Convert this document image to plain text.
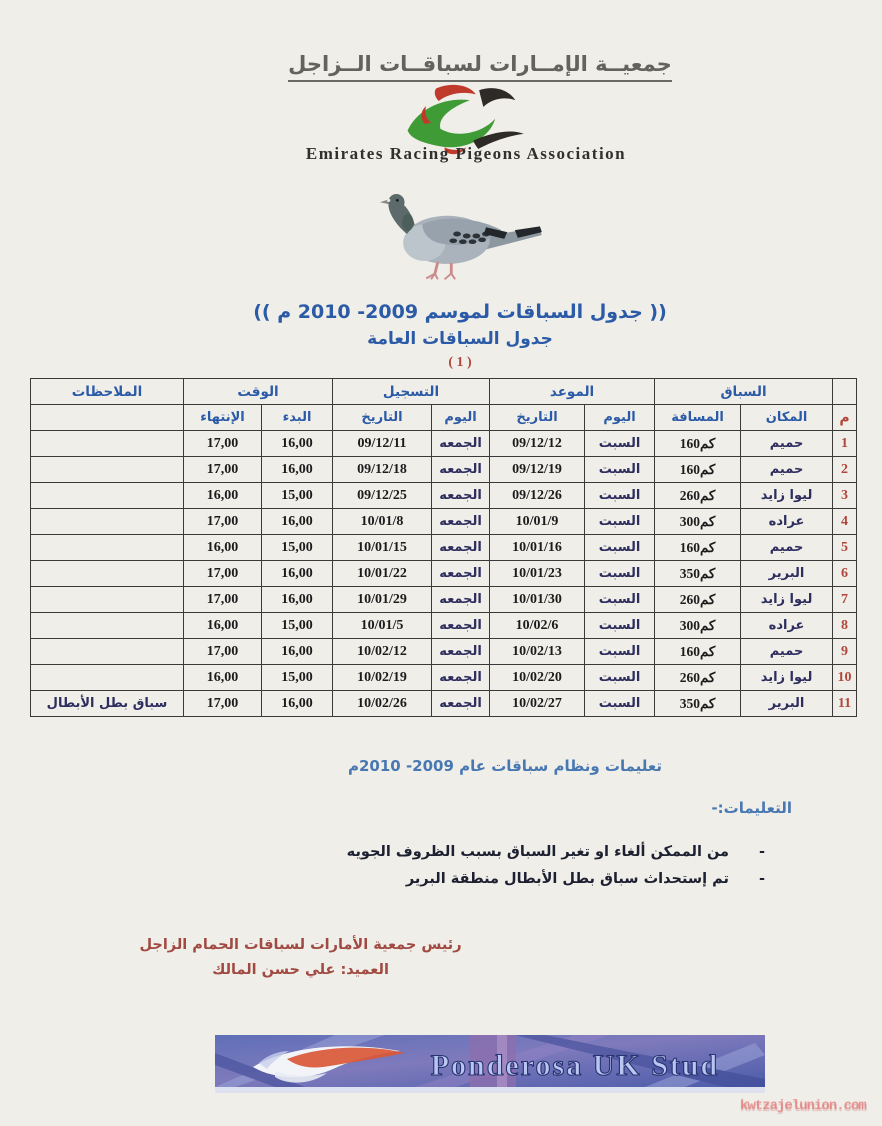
جمعيــة الإمــارات لسباقــات الــزاجل
Emirates Racing Pigeons Association
(( جدول السباقات لموسم 2009- 2010 م ))
جدول السباقات العامة
( 1 )
	السباق		الموعد		التسجيل		الوقت		الملاحظات
م	المكان	المسافة	اليوم	التاريخ	اليوم	التاريخ	البدء	الإنتهاء	
1	حميم	160كم	السبت	09/12/12	الجمعه	09/12/11	16,00	17,00	
2	حميم	160كم	السبت	09/12/19	الجمعه	09/12/18	16,00	17,00	
3	ليوا زايد	260كم	السبت	09/12/26	الجمعه	09/12/25	15,00	16,00	
4	عراده	300كم	السبت	10/01/9	الجمعه	10/01/8	16,00	17,00	
5	حميم	160كم	السبت	10/01/16	الجمعه	10/01/15	15,00	16,00	
6	البرير	350كم	السبت	10/01/23	الجمعه	10/01/22	16,00	17,00	
7	ليوا زايد	260كم	السبت	10/01/30	الجمعه	10/01/29	16,00	17,00	
8	عراده	300كم	السبت	10/02/6	الجمعه	10/01/5	15,00	16,00	
9	حميم	160كم	السبت	10/02/13	الجمعه	10/02/12	16,00	17,00	
10	ليوا زايد	260كم	السبت	10/02/20	الجمعه	10/02/19	15,00	16,00	
11	البرير	350كم	السبت	10/02/27	الجمعه	10/02/26	16,00	17,00	سباق بطل الأبطال
تعليمات ونظام سباقات عام 2009- 2010م
التعليمات:-
-
من الممكن ألغاء او تغير السباق بسبب الظروف الجويه
-
تم إستحداث سباق بطل الأبطال منطقة البرير
رئيس جمعية الأمارات لسباقات الحمام الزاجل
العميد: علي حسن المالك
Ponderosa UK Stud
kwtzajelunion.com
